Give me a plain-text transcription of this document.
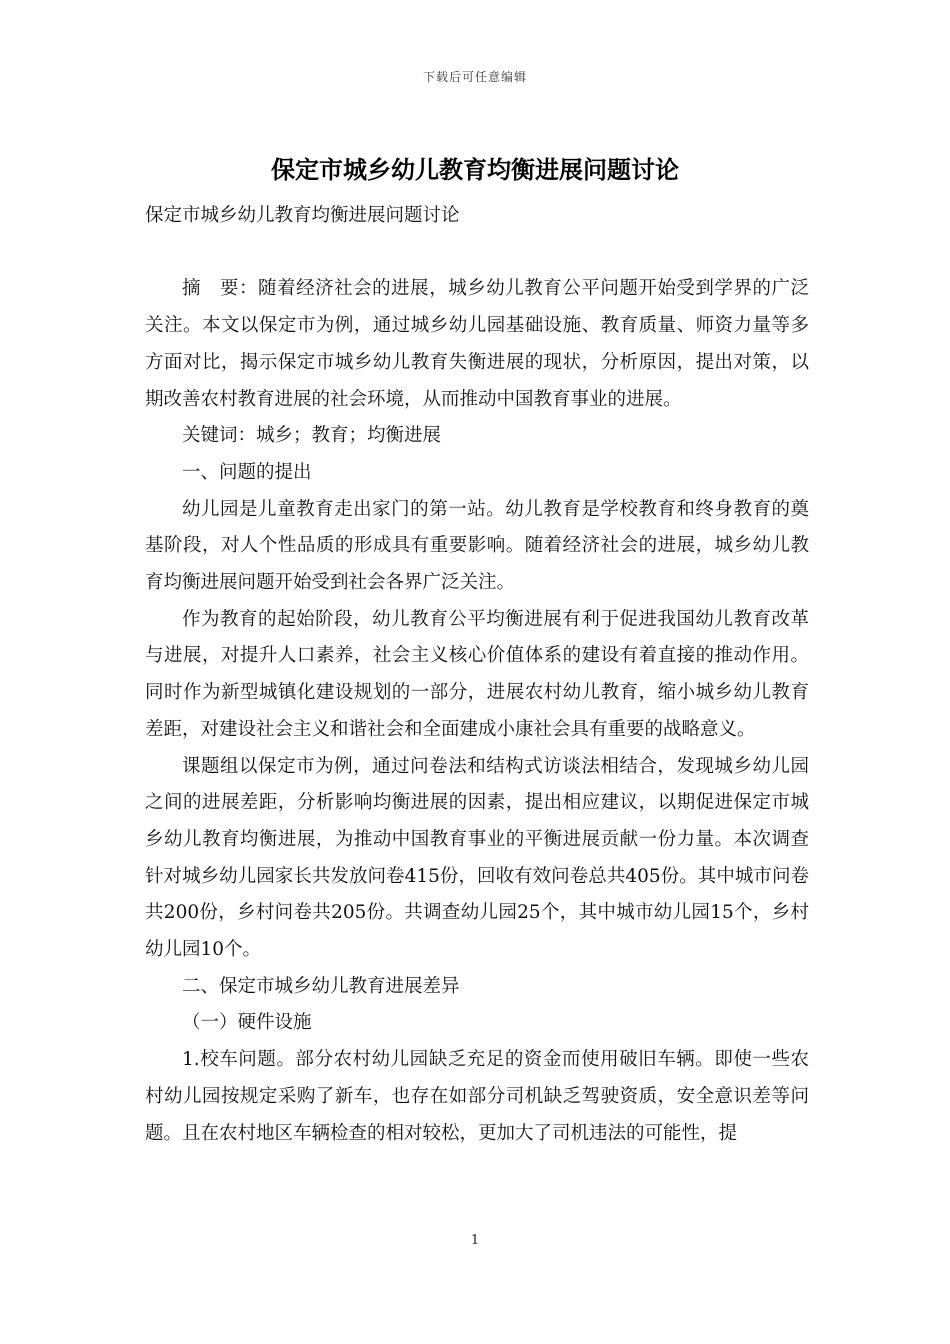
下载后可任意编辑
保定市城乡幼儿教育均衡进展问题讨论

保定市城乡幼儿教育均衡进展问题讨论

摘　要：随着经济社会的进展，城乡幼儿教育公平问题开始受到学界的广泛关注。本文以保定市为例，通过城乡幼儿园基础设施、教育质量、师资力量等多方面对比，揭示保定市城乡幼儿教育失衡进展的现状，分析原因，提出对策，以期改善农村教育进展的社会环境，从而推动中国教育事业的进展。

关键词：城乡；教育；均衡进展

一、问题的提出

幼儿园是儿童教育走出家门的第一站。幼儿教育是学校教育和终身教育的奠基阶段，对人个性品质的形成具有重要影响。随着经济社会的进展，城乡幼儿教育均衡进展问题开始受到社会各界广泛关注。

作为教育的起始阶段，幼儿教育公平均衡进展有利于促进我国幼儿教育改革与进展，对提升人口素养，社会主义核心价值体系的建设有着直接的推动作用。同时作为新型城镇化建设规划的一部分，进展农村幼儿教育，缩小城乡幼儿教育差距，对建设社会主义和谐社会和全面建成小康社会具有重要的战略意义。

课题组以保定市为例，通过问卷法和结构式访谈法相结合，发现城乡幼儿园之间的进展差距，分析影响均衡进展的因素，提出相应建议，以期促进保定市城乡幼儿教育均衡进展，为推动中国教育事业的平衡进展贡献一份力量。本次调查针对城乡幼儿园家长共发放问卷415份，回收有效问卷总共405份。其中城市问卷共200份，乡村问卷共205份。共调查幼儿园25个，其中城市幼儿园15个，乡村幼儿园10个。

二、保定市城乡幼儿教育进展差异

（一）硬件设施

1.校车问题。部分农村幼儿园缺乏充足的资金而使用破旧车辆。即使一些农村幼儿园按规定采购了新车，也存在如部分司机缺乏驾驶资质，安全意识差等问题。且在农村地区车辆检查的相对较松，更加大了司机违法的可能性，提

1
